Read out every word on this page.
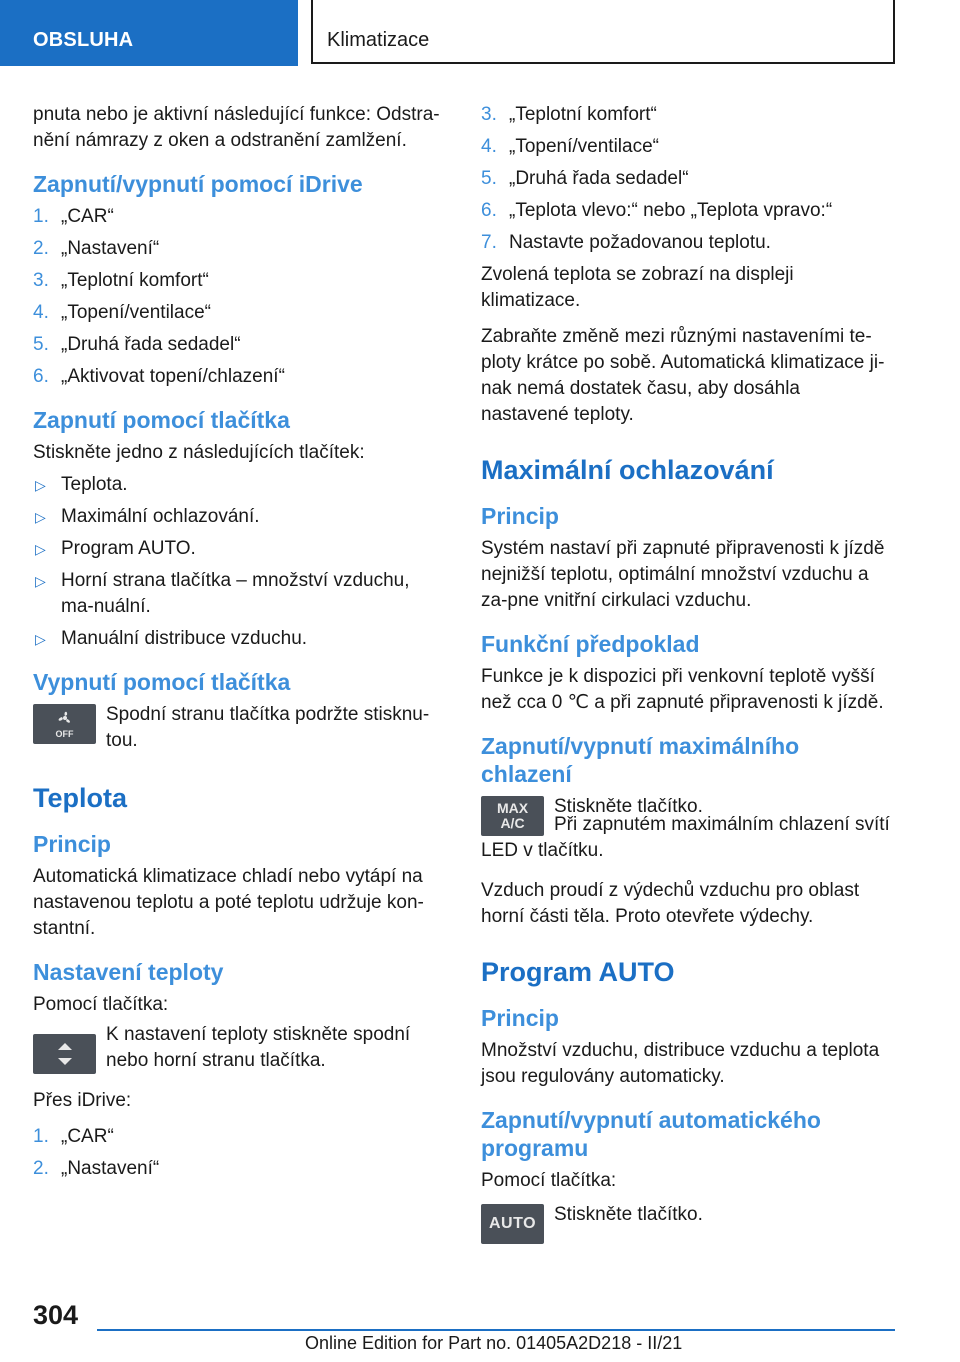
OBSLUHA	Klimatizace

pnuta nebo je aktivní následující funkce: Odstra-nění námrazy z oken a odstranění zamlžení.

Zapnutí/vypnutí pomocí iDrive
1. „CAR“
2. „Nastavení“
3. „Teplotní komfort“
4. „Topení/ventilace“
5. „Druhá řada sedadel“
6. „Aktivovat topení/chlazení“
Zapnutí pomocí tlačítka

Stiskněte jedno z následujících tlačítek:

▷ Teplota.
▷ Maximální ochlazování.
▷ Program AUTO.
▷ Horní strana tlačítka – množství vzduchu, ma-nuální.
▷ Manuální distribuce vzduchu.
Vypnutí pomocí tlačítka
OFF
Spodní stranu tlačítka podržte stisknu-tou.
Teplota
Princip

Automatická klimatizace chladí nebo vytápí na nastavenou teplotu a poté teplotu udržuje kon-stantní.

Nastavení teploty

Pomocí tlačítka:

K nastavení teploty stiskněte spodní nebo horní stranu tlačítka.

Přes iDrive:

1. „CAR“
2. „Nastavení“
3. „Teplotní komfort“
4. „Topení/ventilace“
5. „Druhá řada sedadel“
6. „Teplota vlevo:“ nebo „Teplota vpravo:“
7. Nastavte požadovanou teplotu.

Zvolená teplota se zobrazí na displeji klimatizace.

Zabraňte změně mezi různými nastaveními te-ploty krátce po sobě. Automatická klimatizace ji-nak nemá dostatek času, aby dosáhla nastavené teploty.

Maximální ochlazování
Princip

Systém nastaví při zapnuté připravenosti k jízdě nejnižší teplotu, optimální množství vzduchu a za-pne vnitřní cirkulaci vzduchu.

Funkční předpoklad

Funkce je k dispozici při venkovní teplotě vyšší než cca 0 ℃ a při zapnuté připravenosti k jízdě.

Zapnutí/vypnutí maximálního chlazení
MAX
A/C
Stiskněte tlačítko.

Při zapnutém maximálním chlazení svítí LED v tlačítku.

Vzduch proudí z výdechů vzduchu pro oblast horní části těla. Proto otevřete výdechy.

Program AUTO
Princip

Množství vzduchu, distribuce vzduchu a teplota jsou regulovány automaticky.

Zapnutí/vypnutí automatického programu

Pomocí tlačítka:

AUTO Stiskněte tlačítko.
304
Online Edition for Part no. 01405A2D218 - II/21
